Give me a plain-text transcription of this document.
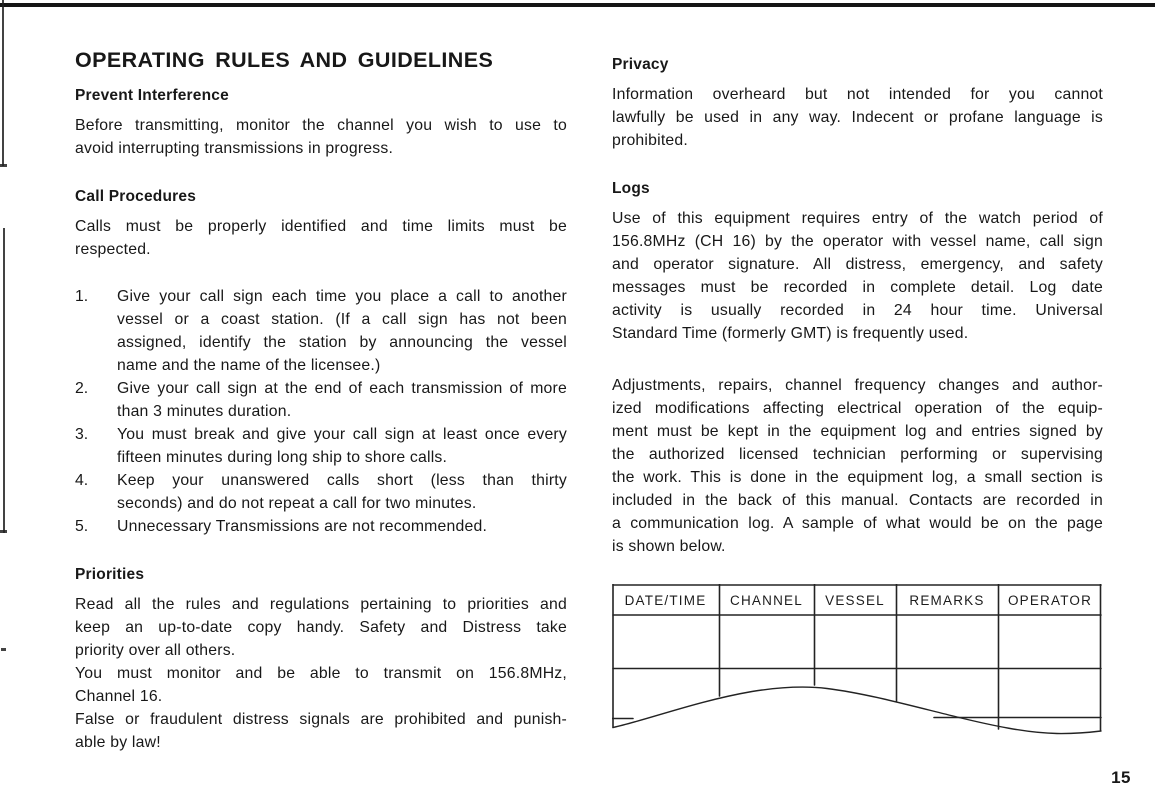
OPERATING RULES AND GUIDELINES
Prevent Interference
Before transmitting, monitor the channel you wish to use to
avoid interrupting transmissions in progress.
Call Procedures
Calls must be properly identified and time limits must be
respected.
1.	Give your call sign each time you place a call to another
vessel or a coast station. (If a call sign has not been
assigned, identify the station by announcing the vessel
name and the name of the licensee.)
2.	Give your call sign at the end of each transmission of more
than 3 minutes duration.
3.	You must break and give your call sign at least once every
fifteen minutes during long ship to shore calls.
4.	Keep your unanswered calls short (less than thirty
seconds) and do not repeat a call for two minutes.
5.	Unnecessary Transmissions are not recommended.
Priorities
Read all the rules and regulations pertaining to priorities and
keep an up-to-date copy handy. Safety and Distress take
priority over all others.
You must monitor and be able to transmit on 156.8MHz,
Channel 16.
False or fraudulent distress signals are prohibited and punish-
able by law!
Privacy
Information overheard but not intended for you cannot
lawfully be used in any way. Indecent or profane language is
prohibited.
Logs
Use of this equipment requires entry of the watch period of
156.8MHz (CH 16) by the operator with vessel name, call sign
and operator signature. All distress, emergency, and safety
messages must be recorded in complete detail. Log date
activity is usually recorded in 24 hour time. Universal
Standard Time (formerly GMT) is frequently used.
Adjustments, repairs, channel frequency changes and author-
ized modifications affecting electrical operation of the equip-
ment must be kept in the equipment log and entries signed by
the authorized licensed technician performing or supervising
the work. This is done in the equipment log, a small section is
included in the back of this manual. Contacts are recorded in
a communication log. A sample of what would be on the page
is shown below.
DATE/TIME	CHANNEL	VESSEL	REMARKS	OPERATOR
15
